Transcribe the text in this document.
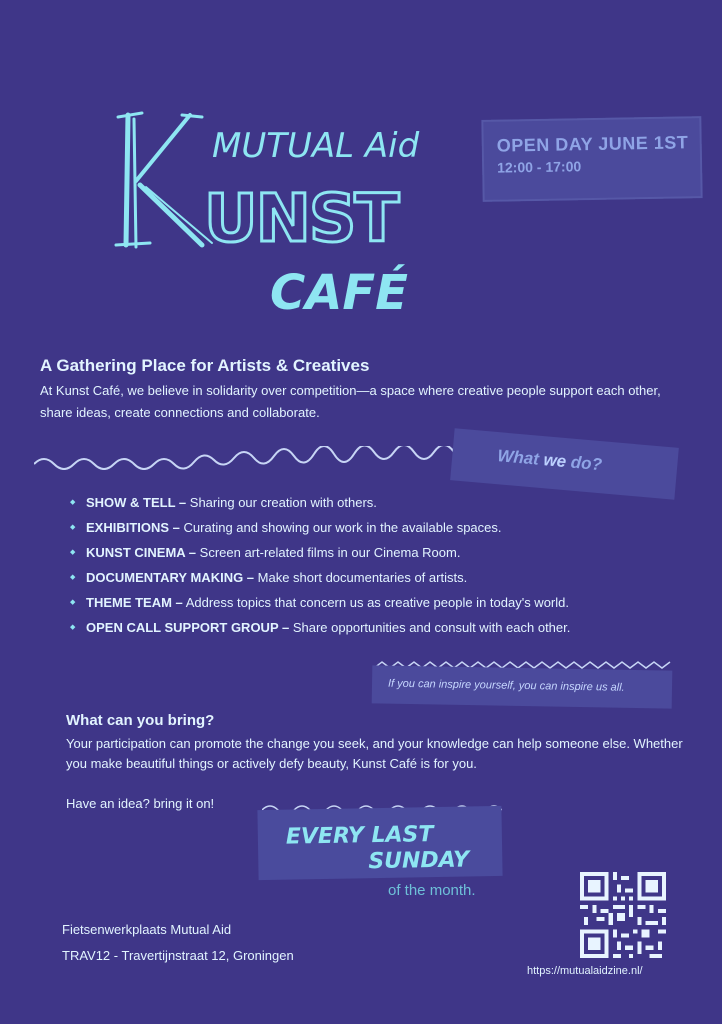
MUTUAL Aid
UNST
CAFÉ
OPEN DAY JUNE 1ST
12:00 - 17:00
A Gathering Place for Artists & Creatives
At Kunst Café, we believe in solidarity over competition—a space where creative people support each other, share ideas, create connections and collaborate.
What we do?
◆ SHOW & TELL – Sharing our creation with others.
◆ EXHIBITIONS – Curating and showing our work in the available spaces.
◆ KUNST CINEMA – Screen art-related films in our Cinema Room.
◆ DOCUMENTARY MAKING – Make short documentaries of artists.
◆ THEME TEAM – Address topics that concern us as creative people in today's world.
◆ OPEN CALL SUPPORT GROUP – Share opportunities and consult with each other.
If you can inspire yourself, you can inspire us all.
What can you bring?
Your participation can promote the change you seek, and your knowledge can help someone else. Whether you make beautiful things or actively defy beauty, Kunst Café is for you.
Have an idea? bring it on!
EVERY LAST
SUNDAY
of the month.
Fietsenwerkplaats Mutual Aid
TRAV12 - Travertijnstraat 12, Groningen
https://mutualaidzine.nl/
